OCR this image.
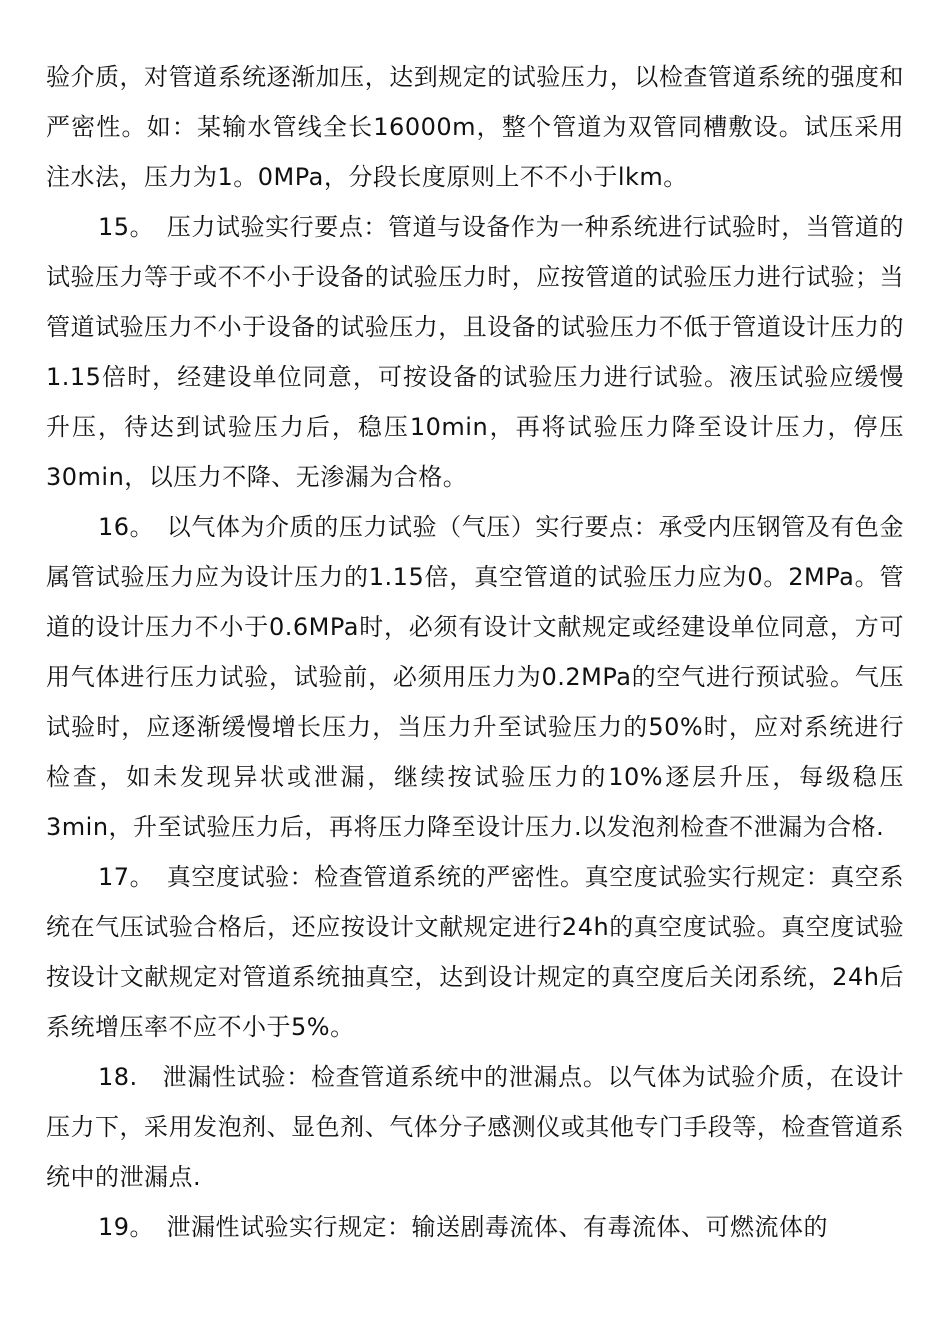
验介质，对管道系统逐渐加压，达到规定的试验压力，以检查管道系统的强度和严密性。如：某输水管线全长16000m，整个管道为双管同槽敷设。试压采用注水法，压力为1。0MPa，分段长度原则上不不小于lkm。

15。　 压力试验实行要点：管道与设备作为一种系统进行试验时，当管道的试验压力等于或不不小于设备的试验压力时，应按管道的试验压力进行试验；当管道试验压力不小于设备的试验压力，且设备的试验压力不低于管道设计压力的1.15倍时，经建设单位同意，可按设备的试验压力进行试验。液压试验应缓慢升压，待达到试验压力后，稳压10min，再将试验压力降至设计压力，停压30min，以压力不降、无渗漏为合格。

16。　 以气体为介质的压力试验（气压）实行要点：承受内压钢管及有色金属管试验压力应为设计压力的1.15倍，真空管道的试验压力应为0。2MPa。管道的设计压力不小于0.6MPa时，必须有设计文献规定或经建设单位同意，方可用气体进行压力试验，试验前，必须用压力为0.2MPa的空气进行预试验。气压试验时，应逐渐缓慢增长压力，当压力升至试验压力的50%时，应对系统进行检查，如未发现异状或泄漏，继续按试验压力的10%逐层升压，每级稳压3min，升至试验压力后，再将压力降至设计压力.以发泡剂检查不泄漏为合格.

17。　 真空度试验：检查管道系统的严密性。真空度试验实行规定：真空系统在气压试验合格后，还应按设计文献规定进行24h的真空度试验。真空度试验按设计文献规定对管道系统抽真空，达到设计规定的真空度后关闭系统，24h后系统增压率不应不小于5%。

18.　 泄漏性试验：检查管道系统中的泄漏点。以气体为试验介质，在设计压力下，采用发泡剂、显色剂、气体分子感测仪或其他专门手段等，检查管道系统中的泄漏点.

19。　 泄漏性试验实行规定：输送剧毒流体、有毒流体、可燃流体的
